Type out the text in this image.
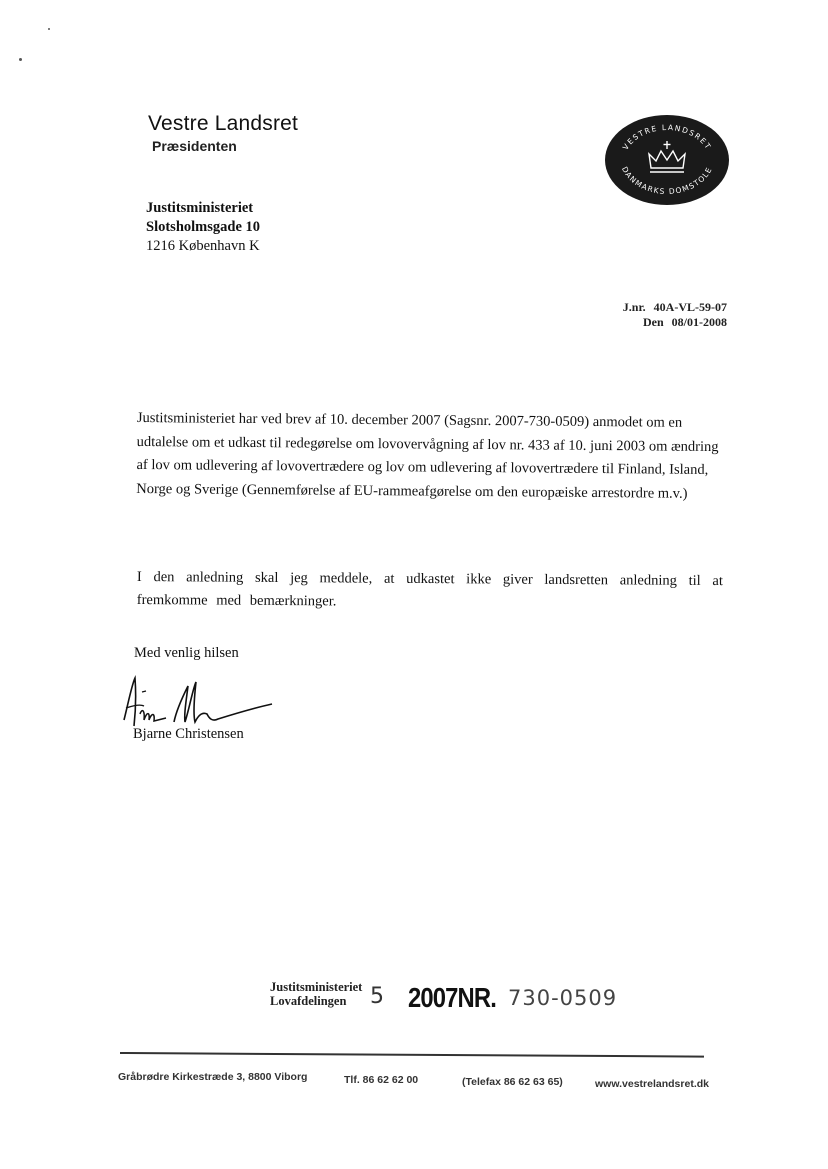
Vestre Landsret
Præsidenten	VESTRE LANDSRET
DANMARKS DOMSTOLE
Justitsministeriet
Slotsholmsgade 10
1216 København K
J.nr. 40A-VL-59-07
Den 08/01-2008
Justitsministeriet har ved brev af 10. december 2007 (Sagsnr. 2007-730-0509) anmodet om en udtalelse om et udkast til redegørelse om lovovervågning af lov nr. 433 af 10. juni 2003 om ændring af lov om udlevering af lovovertrædere og lov om udlevering af lovovertrædere til Finland, Island, Norge og Sverige (Gennemførelse af EU-rammeafgørelse om den europæiske arrestordre m.v.)
I den anledning skal jeg meddele, at udkastet ikke giver landsretten anledning til at fremkomme med bemærkninger.
Med venlig hilsen
Bjarne Christensen
Justitsministeriet
Lovafdelingen	5 2007NR. 730-0509
Gråbrødre Kirkestræde 3, 8800 Viborg	Tlf. 86 62 62 00	(Telefax 86 62 63 65)	www.vestrelandsret.dk
